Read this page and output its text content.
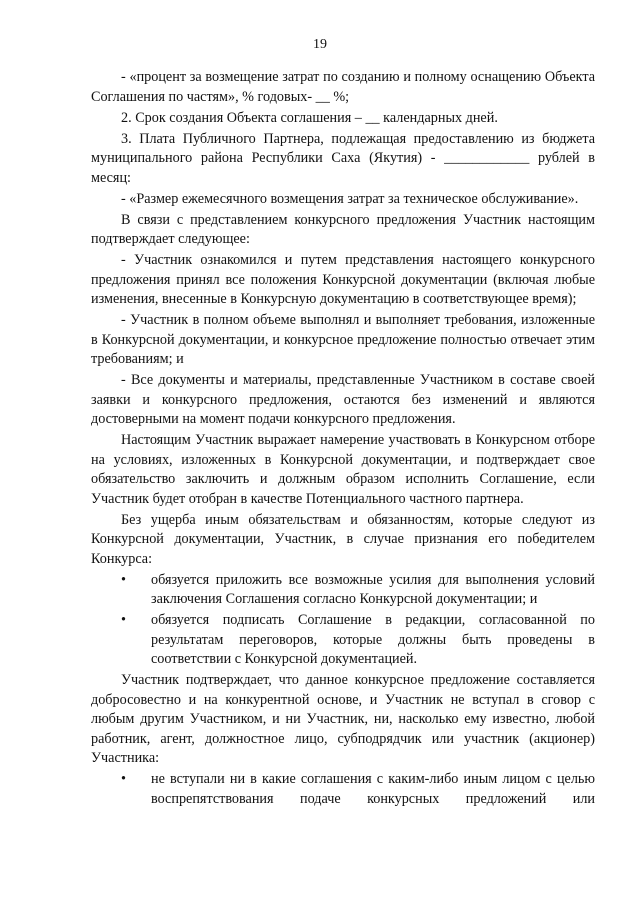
19

- «процент за возмещение затрат по созданию и полному оснащению Объекта Соглашения по частям», % годовых- __ %;

2. Срок создания Объекта соглашения – __ календарных дней.

3. Плата Публичного Партнера, подлежащая предоставлению из бюджета муниципального района Республики Саха (Якутия) - ____________ рублей в месяц:

- «Размер ежемесячного возмещения затрат за техническое обслуживание».

В связи с представлением конкурсного предложения Участник настоящим подтверждает следующее:

- Участник ознакомился и путем представления настоящего конкурсного предложения принял все положения Конкурсной документации (включая любые изменения, внесенные в Конкурсную документацию в соответствующее время);

- Участник в полном объеме выполнял и выполняет требования, изложенные в Конкурсной документации, и конкурсное предложение полностью отвечает этим требованиям; и

- Все документы и материалы, представленные Участником в составе своей заявки и конкурсного предложения, остаются без изменений и являются достоверными на момент подачи конкурсного предложения.

Настоящим Участник выражает намерение участвовать в Конкурсном отборе на условиях, изложенных в Конкурсной документации, и подтверждает свое обязательство заключить и должным образом исполнить Соглашение, если Участник будет отобран в качестве Потенциального частного партнера.

Без ущерба иным обязательствам и обязанностям, которые следуют из Конкурсной документации, Участник, в случае признания его победителем Конкурса:

•	обязуется приложить все возможные усилия для выполнения условий заключения Соглашения согласно Конкурсной документации; и
•	обязуется подписать Соглашение в редакции, согласованной по результатам переговоров, которые должны быть проведены в соответствии с Конкурсной документацией.

Участник подтверждает, что данное конкурсное предложение составляется добросовестно и на конкурентной основе, и Участник не вступал в сговор с любым другим Участником, и ни Участник, ни, насколько ему известно, любой работник, агент, должностное лицо, субподрядчик или участник (акционер) Участника:

•	не вступали ни в какие соглашения с каким-либо иным лицом с целью воспрепятствования подаче конкурсных предложений или
